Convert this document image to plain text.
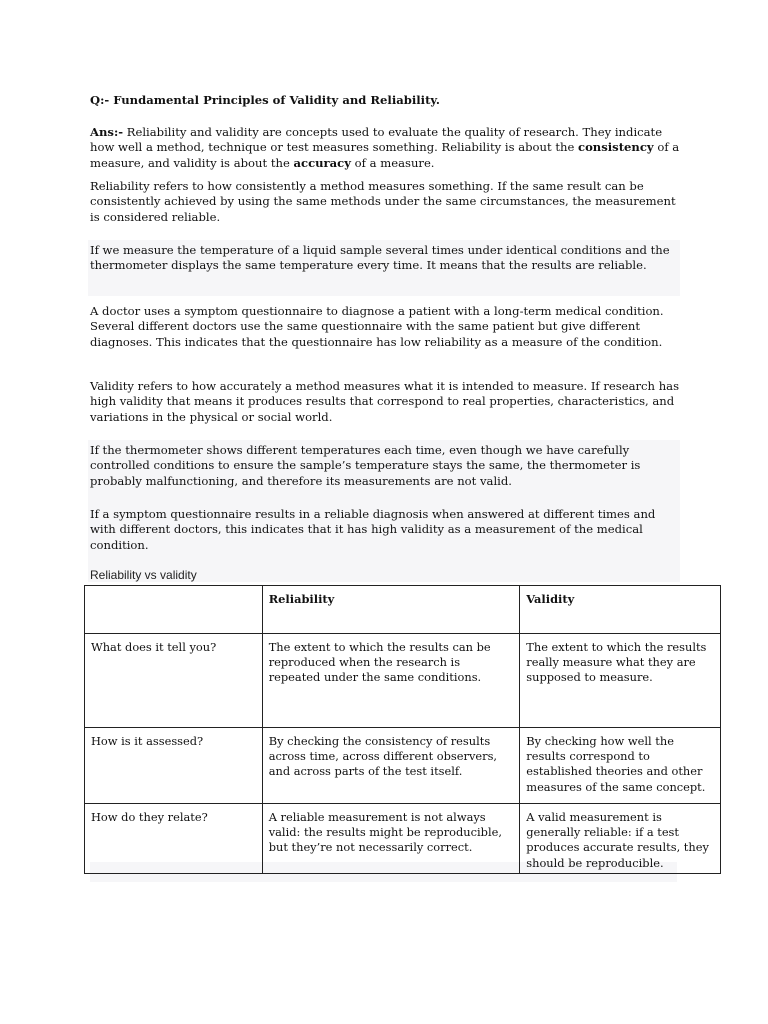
Q:- Fundamental Principles of Validity and Reliability.

Ans:- Reliability and validity are concepts used to evaluate the quality of research. They indicate how well a method, technique or test measures something. Reliability is about the consistency of a measure, and validity is about the accuracy of a measure.

Reliability refers to how consistently a method measures something. If the same result can be consistently achieved by using the same methods under the same circumstances, the measurement is considered reliable.

If we measure the temperature of a liquid sample several times under identical conditions and the thermometer displays the same temperature every time. It means that the results are reliable.

A doctor uses a symptom questionnaire to diagnose a patient with a long-term medical condition. Several different doctors use the same questionnaire with the same patient but give different diagnoses. This indicates that the questionnaire has low reliability as a measure of the condition.

Validity refers to how accurately a method measures what it is intended to measure. If research has high validity that means it produces results that correspond to real properties, characteristics, and variations in the physical or social world.

If the thermometer shows different temperatures each time, even though we have carefully controlled conditions to ensure the sample’s temperature stays the same, the thermometer is probably malfunctioning, and therefore its measurements are not valid.

If a symptom questionnaire results in a reliable diagnosis when answered at different times and with different doctors, this indicates that it has high validity as a measurement of the medical condition.

Reliability vs validity
	Reliability	Validity
What does it tell you?	The extent to which the results can be reproduced when the research is repeated under the same conditions.	The extent to which the results really measure what they are supposed to measure.
How is it assessed?	By checking the consistency of results across time, across different observers, and across parts of the test itself.	By checking how well the results correspond to established theories and other measures of the same concept.
How do they relate?	A reliable measurement is not always valid: the results might be reproducible, but they’re not necessarily correct.	A valid measurement is generally reliable: if a test produces accurate results, they should be reproducible.
